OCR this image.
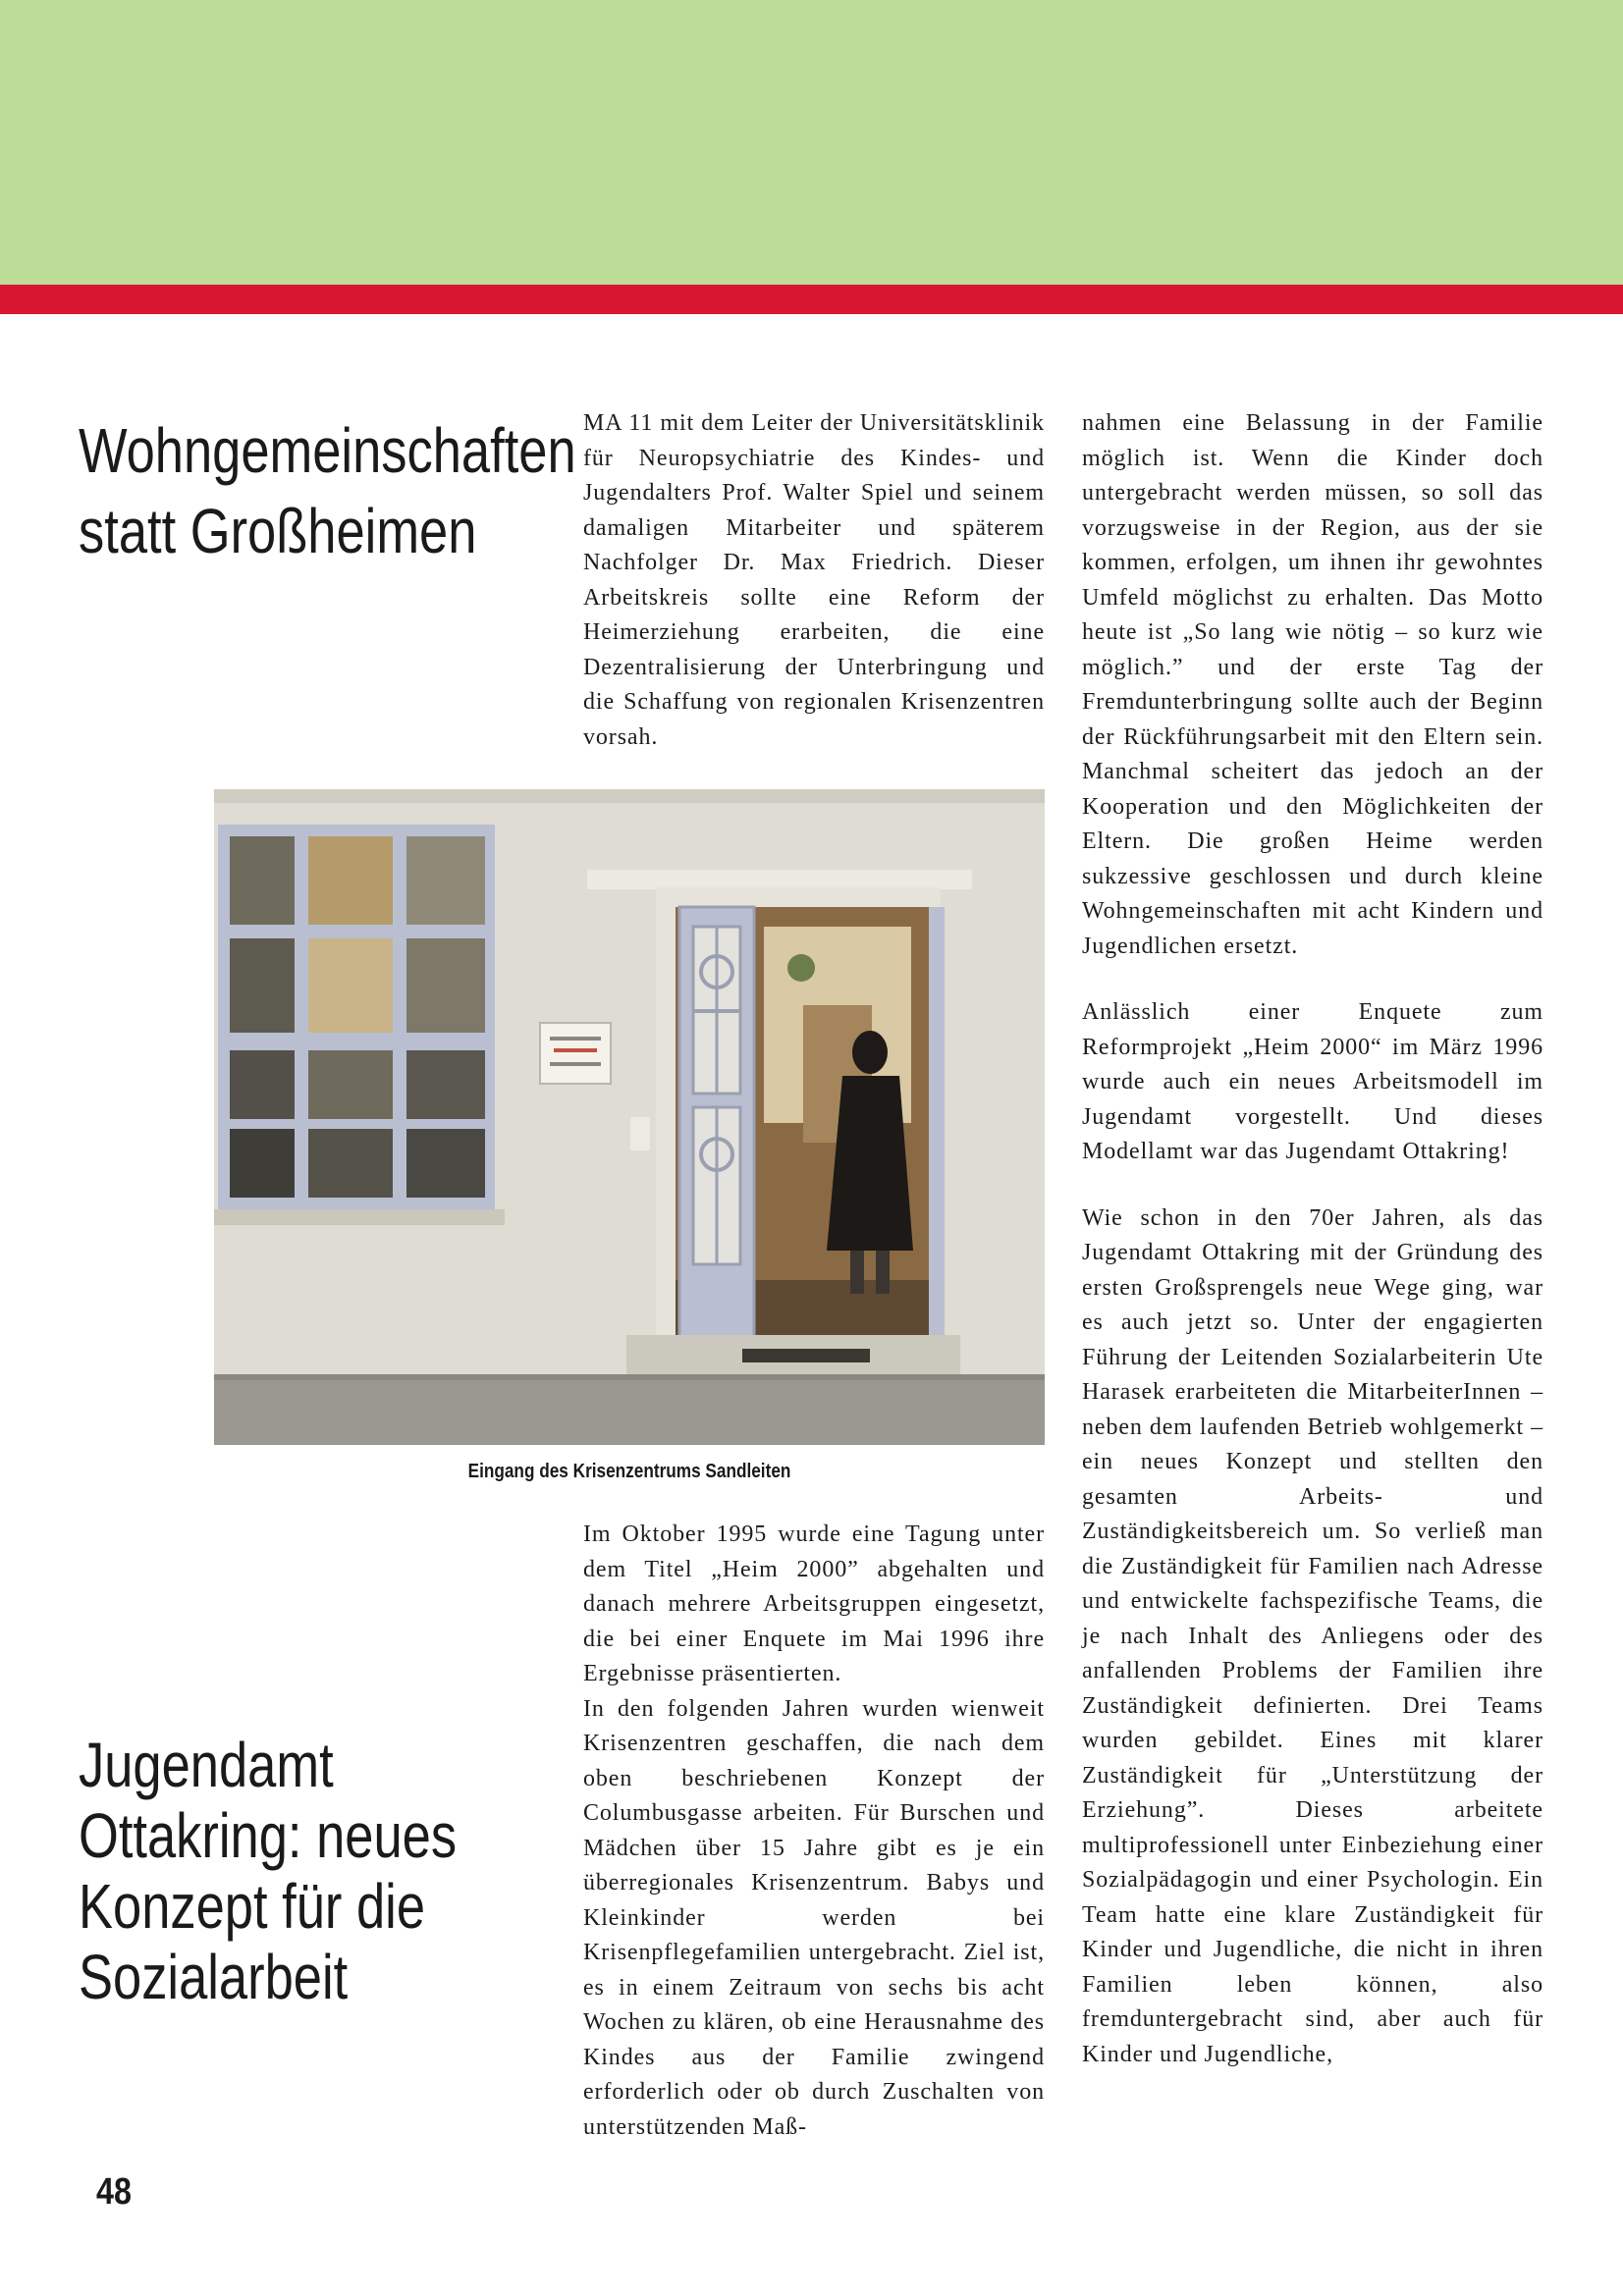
Wohngemeinschaften
statt Großheimen

MA 11 mit dem Leiter der Universitätsklinik für Neuropsychiatrie des Kindes- und Jugendalters Prof. Walter Spiel und seinem damaligen Mitarbeiter und späterem Nachfolger Dr. Max Friedrich. Dieser Arbeitskreis sollte eine Reform der Heimerziehung erarbeiten, die eine Dezentralisierung der Unterbringung und die Schaffung von regionalen Krisenzentren vorsah.

Eingang des Krisenzentrums Sandleiten

Im Oktober 1995 wurde eine Tagung unter dem Titel „Heim 2000” abgehalten und danach mehrere Arbeitsgruppen eingesetzt, die bei einer Enquete im Mai 1996 ihre Ergebnisse präsentierten.

In den folgenden Jahren wurden wienweit Krisenzentren geschaffen, die nach dem oben beschriebenen Konzept der Columbusgasse arbeiten. Für Burschen und Mädchen über 15 Jahre gibt es je ein überregionales Krisenzentrum. Babys und Kleinkinder werden bei Krisenpflegefamilien untergebracht. Ziel ist, es in einem Zeitraum von sechs bis acht Wochen zu klären, ob eine Herausnahme des Kindes aus der Familie zwingend erforderlich oder ob durch Zuschalten von unterstützenden Maß-

nahmen eine Belassung in der Familie möglich ist. Wenn die Kinder doch untergebracht werden müssen, so soll das vorzugsweise in der Region, aus der sie kommen, erfolgen, um ihnen ihr gewohntes Umfeld möglichst zu erhalten. Das Motto heute ist „So lang wie nötig – so kurz wie möglich.” und der erste Tag der Fremdunterbringung sollte auch der Beginn der Rückführungsarbeit mit den Eltern sein. Manchmal scheitert das jedoch an der Kooperation und den Möglichkeiten der Eltern. Die großen Heime werden sukzessive geschlossen und durch kleine Wohngemeinschaften mit acht Kindern und Jugendlichen ersetzt.

Anlässlich einer Enquete zum Reformprojekt „Heim 2000“ im März 1996 wurde auch ein neues Arbeitsmodell im Jugendamt vorgestellt. Und dieses Modellamt war das Jugendamt Ottakring!

Wie schon in den 70er Jahren, als das Jugendamt Ottakring mit der Gründung des ersten Großsprengels neue Wege ging, war es auch jetzt so. Unter der engagierten Führung der Leitenden Sozialarbeiterin Ute Harasek erarbeiteten die MitarbeiterInnen – neben dem laufenden Betrieb wohlgemerkt – ein neues Konzept und stellten den gesamten Arbeits- und Zuständigkeitsbereich um. So verließ man die Zuständigkeit für Familien nach Adresse und entwickelte fachspezifische Teams, die je nach Inhalt des Anliegens oder des anfallenden Problems der Familien ihre Zuständigkeit definierten. Drei Teams wurden gebildet. Eines mit klarer Zuständigkeit für „Unterstützung der Erziehung”. Dieses arbeitete multiprofessionell unter Einbeziehung einer Sozialpädagogin und einer Psychologin. Ein Team hatte eine klare Zuständigkeit für Kinder und Jugendliche, die nicht in ihren Familien leben können, also fremduntergebracht sind, aber auch für Kinder und Jugendliche,

Jugendamt
Ottakring: neues
Konzept für die
Sozialarbeit

48
